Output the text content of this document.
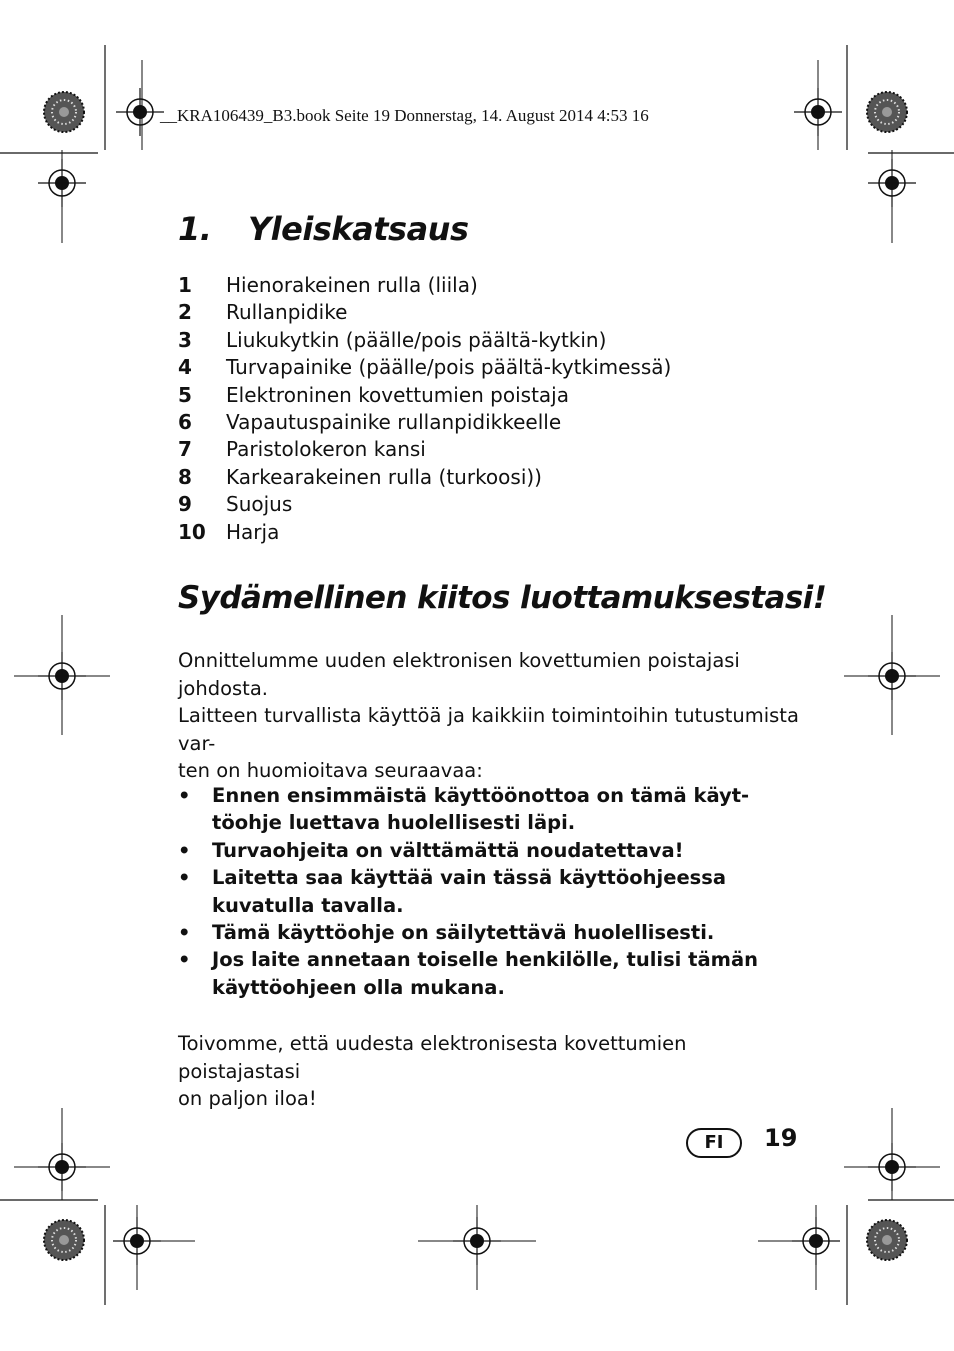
__KRA106439_B3.book Seite 19 Donnerstag, 14. August 2014 4:53 16
1. Yleiskatsaus
1 Hienorakeinen rulla (liila)
2 Rullanpidike
3 Liukukytkin (päälle/pois päältä-kytkin)
4 Turvapainike (päälle/pois päältä-kytkimessä)
5 Elektroninen kovettumien poistaja
6 Vapautuspainike rullanpidikkeelle
7 Paristolokeron kansi
8 Karkearakeinen rulla (turkoosi))
9 Suojus
10 Harja
Sydämellinen kiitos luottamuksestasi!

Onnittelumme uuden elektronisen kovettumien poistajasi johdosta.

Laitteen turvallista käyttöä ja kaikkiin toimintoihin tutustumista var-
ten on huomioitava seuraavaa:

• Ennen ensimmäistä käyttöönottoa on tämä käyt-
töohje luettava huolellisesti läpi.
• Turvaohjeita on välttämättä noudatettava!
• Laitetta saa käyttää vain tässä käyttöohjeessa
kuvatulla tavalla.
• Tämä käyttöohje on säilytettävä huolellisesti.
• Jos laite annetaan toiselle henkilölle, tulisi tämän
käyttöohjeen olla mukana.

Toivomme, että uudesta elektronisesta kovettumien poistajastasi
on paljon iloa!

FI	19
